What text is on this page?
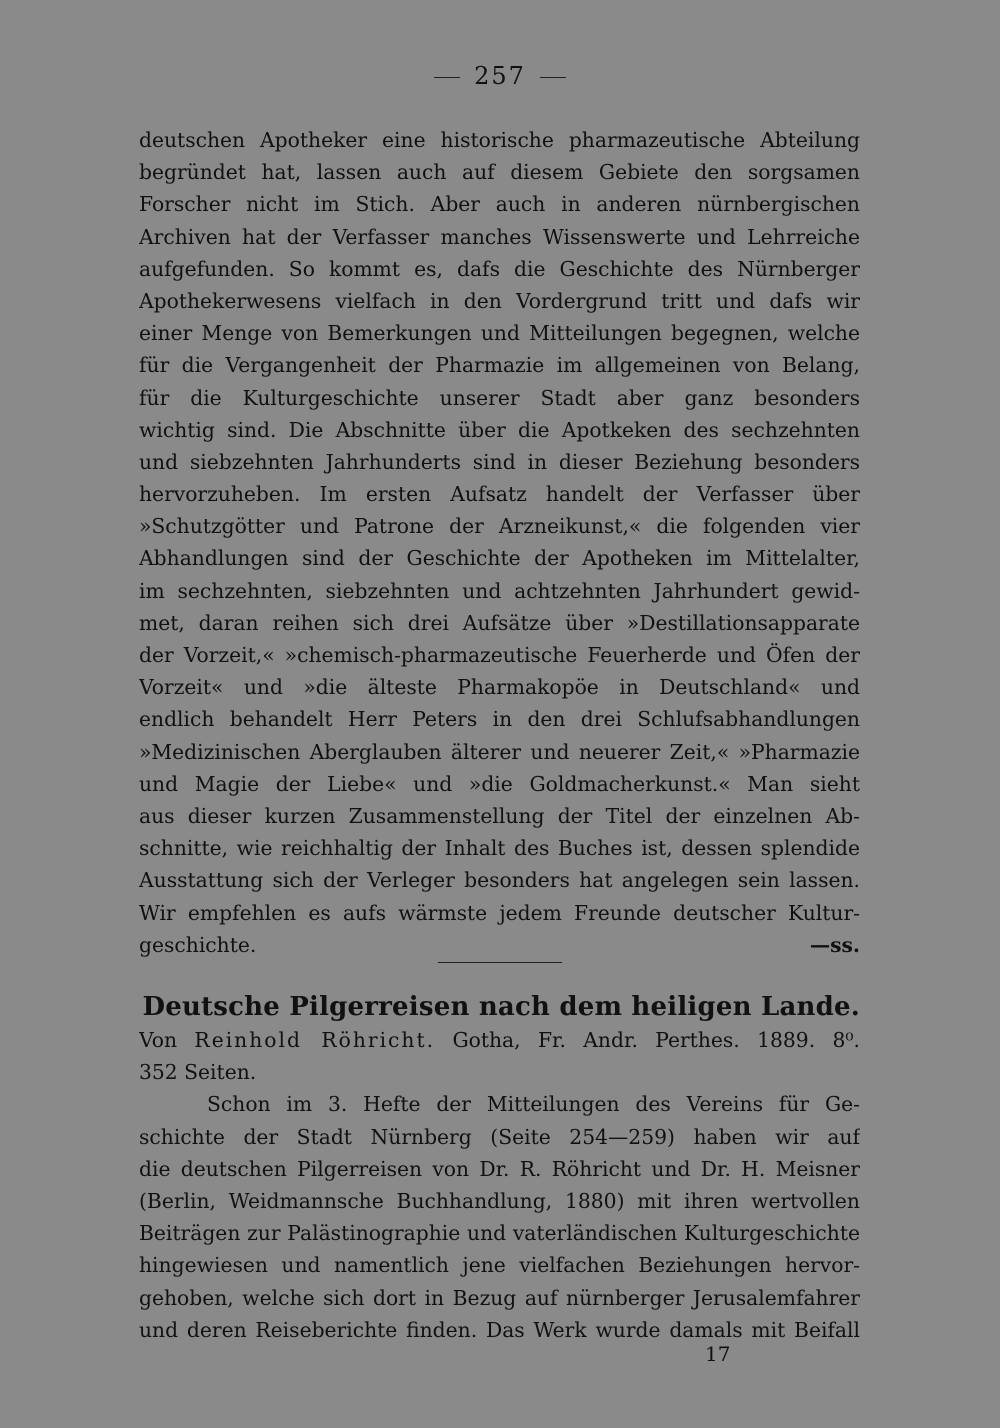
257
deutschen Apotheker eine historische pharmazeutische Abteilung
begründet hat, lassen auch auf diesem Gebiete den sorgsamen
Forscher nicht im Stich. Aber auch in anderen nürnbergischen
Archiven hat der Verfasser manches Wissenswerte und Lehrreiche
aufgefunden. So kommt es, dafs die Geschichte des Nürnberger
Apothekerwesens vielfach in den Vordergrund tritt und dafs wir
einer Menge von Bemerkungen und Mitteilungen begegnen, welche
für die Vergangenheit der Pharmazie im allgemeinen von Belang,
für die Kulturgeschichte unserer Stadt aber ganz besonders
wichtig sind. Die Abschnitte über die Apotkeken des sechzehnten
und siebzehnten Jahrhunderts sind in dieser Beziehung besonders
hervorzuheben. Im ersten Aufsatz handelt der Verfasser über
»Schutzgötter und Patrone der Arzneikunst,« die folgenden vier
Abhandlungen sind der Geschichte der Apotheken im Mittelalter,
im sechzehnten, siebzehnten und achtzehnten Jahrhundert gewid-
met, daran reihen sich drei Aufsätze über »Destillationsapparate
der Vorzeit,« »chemisch-pharmazeutische Feuerherde und Öfen der
Vorzeit« und »die älteste Pharmakopöe in Deutschland« und
endlich behandelt Herr Peters in den drei Schlufsabhandlungen
»Medizinischen Aberglauben älterer und neuerer Zeit,« »Pharmazie
und Magie der Liebe« und »die Goldmacherkunst.« Man sieht
aus dieser kurzen Zusammenstellung der Titel der einzelnen Ab-
schnitte, wie reichhaltig der Inhalt des Buches ist, dessen splendide
Ausstattung sich der Verleger besonders hat angelegen sein lassen.
Wir empfehlen es aufs wärmste jedem Freunde deutscher Kultur-
geschichte.	—ss.
Deutsche Pilgerreisen nach dem heiligen Lande.
Von Reinhold Röhricht. Gotha, Fr. Andr. Perthes. 1889. 8⁰.
352 Seiten.
Schon im 3. Hefte der Mitteilungen des Vereins für Ge-
schichte der Stadt Nürnberg (Seite 254—259) haben wir auf
die deutschen Pilgerreisen von Dr. R. Röhricht und Dr. H. Meisner
(Berlin, Weidmannsche Buchhandlung, 1880) mit ihren wertvollen
Beiträgen zur Palästinographie und vaterländischen Kulturgeschichte
hingewiesen und namentlich jene vielfachen Beziehungen hervor-
gehoben, welche sich dort in Bezug auf nürnberger Jerusalemfahrer
und deren Reiseberichte finden. Das Werk wurde damals mit Beifall
17
